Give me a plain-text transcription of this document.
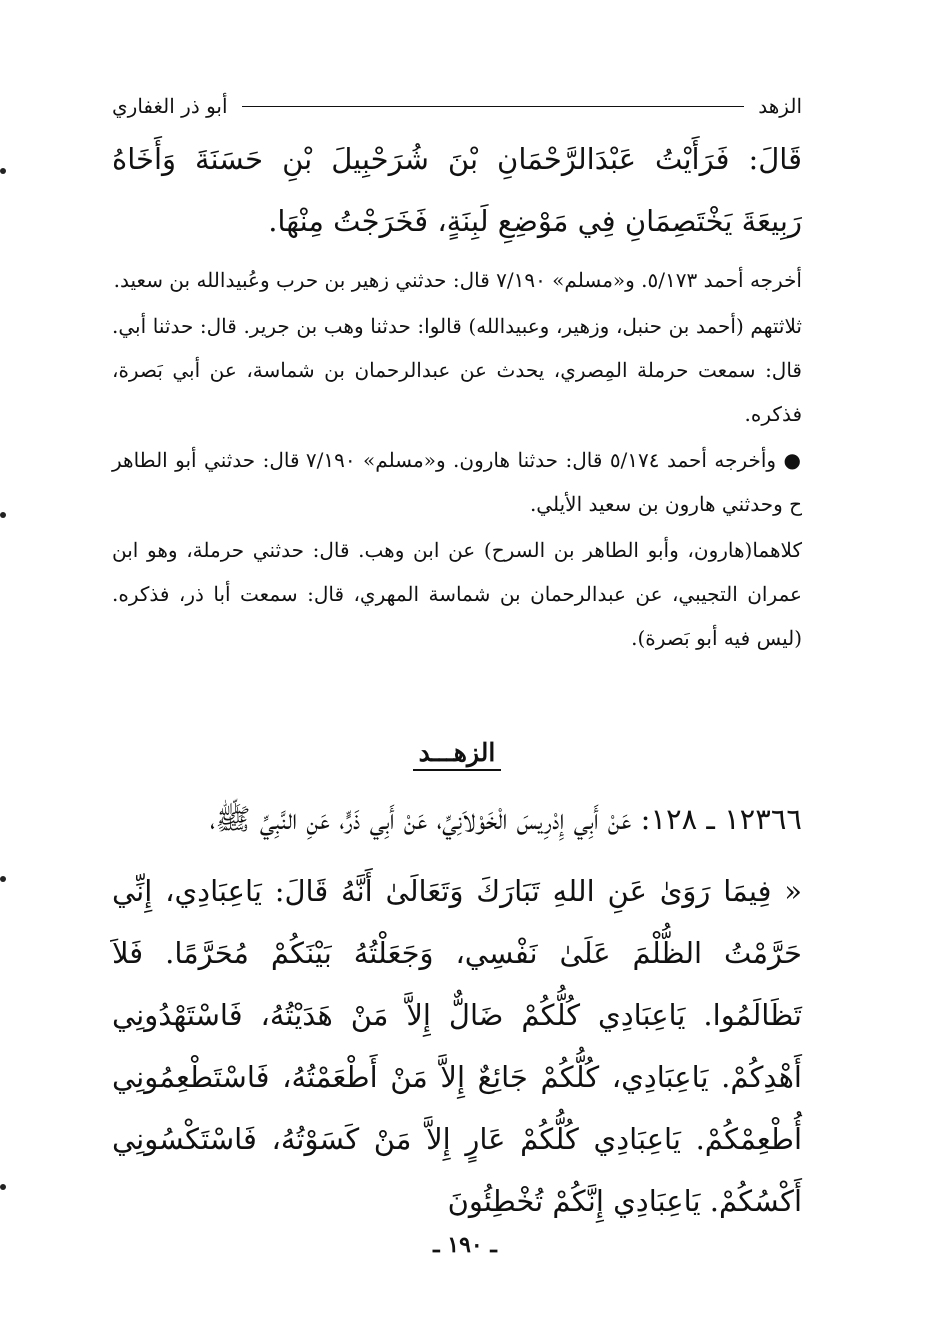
الزهد
أبو ذر الغفاري

قَالَ: فَرَأَيْتُ عَبْدَالرَّحْمَانِ بْنَ شُرَحْبِيلَ بْنِ حَسَنَةَ وَأَخَاهُ رَبِيعَةَ يَخْتَصِمَانِ فِي مَوْضِعِ لَبِنَةٍ، فَخَرَجْتُ مِنْهَا.

أخرجه أحمد ٥/١٧٣. و«مسلم» ٧/١٩٠ قال: حدثني زهير بن حرب وعُبيدالله بن سعيد.

ثلاثتهم (أحمد بن حنبل، وزهير، وعبيدالله) قالوا: حدثنا وهب بن جرير. قال: حدثنا أبي. قال: سمعت حرملة المِصري، يحدث عن عبدالرحمان بن شماسة، عن أبي بَصرة، فذكره.

● وأخرجه أحمد ٥/١٧٤ قال: حدثنا هارون. و«مسلم» ٧/١٩٠ قال: حدثني أبو الطاهر ح وحدثني هارون بن سعيد الأيلي.

كلاهما(هارون، وأبو الطاهر بن السرح) عن ابن وهب. قال: حدثني حرملة، وهو ابن عمران التجيبي، عن عبدالرحمان بن شماسة المهري، قال: سمعت أبا ذر، فذكره. (ليس فيه أبو بَصرة).

الزهـــد

١٢٣٦٦ ـ ١٢٨: عَنْ أَبِي إِدْرِيسَ الْخَوْلاَنِيِّ، عَنْ أَبِي ذَرٍّ، عَنِ النَّبِيِّ ﷺ،

« فِيمَا رَوَىٰ عَنِ اللهِ تَبَارَكَ وَتَعَالَىٰ أَنَّهُ قَالَ: يَاعِبَادِي، إِنِّي حَرَّمْتُ الظُّلْمَ عَلَىٰ نَفْسِي، وَجَعَلْتُهُ بَيْنَكُمْ مُحَرَّمًا. فَلاَ تَظَالَمُوا. يَاعِبَادِي كُلُّكُمْ ضَالٌّ إِلاَّ مَنْ هَدَيْتُهُ، فَاسْتَهْدُونِي أَهْدِكُمْ. يَاعِبَادِي، كُلُّكُمْ جَائِعٌ إِلاَّ مَنْ أَطْعَمْتُهُ، فَاسْتَطْعِمُونِي أُطْعِمْكُمْ. يَاعِبَادِي كُلُّكُمْ عَارٍ إِلاَّ مَنْ كَسَوْتُهُ، فَاسْتَكْسُونِي أَكْسُكُمْ. يَاعِبَادِي إِنَّكُمْ تُخْطِئُونَ

ـ ١٩٠ ـ
